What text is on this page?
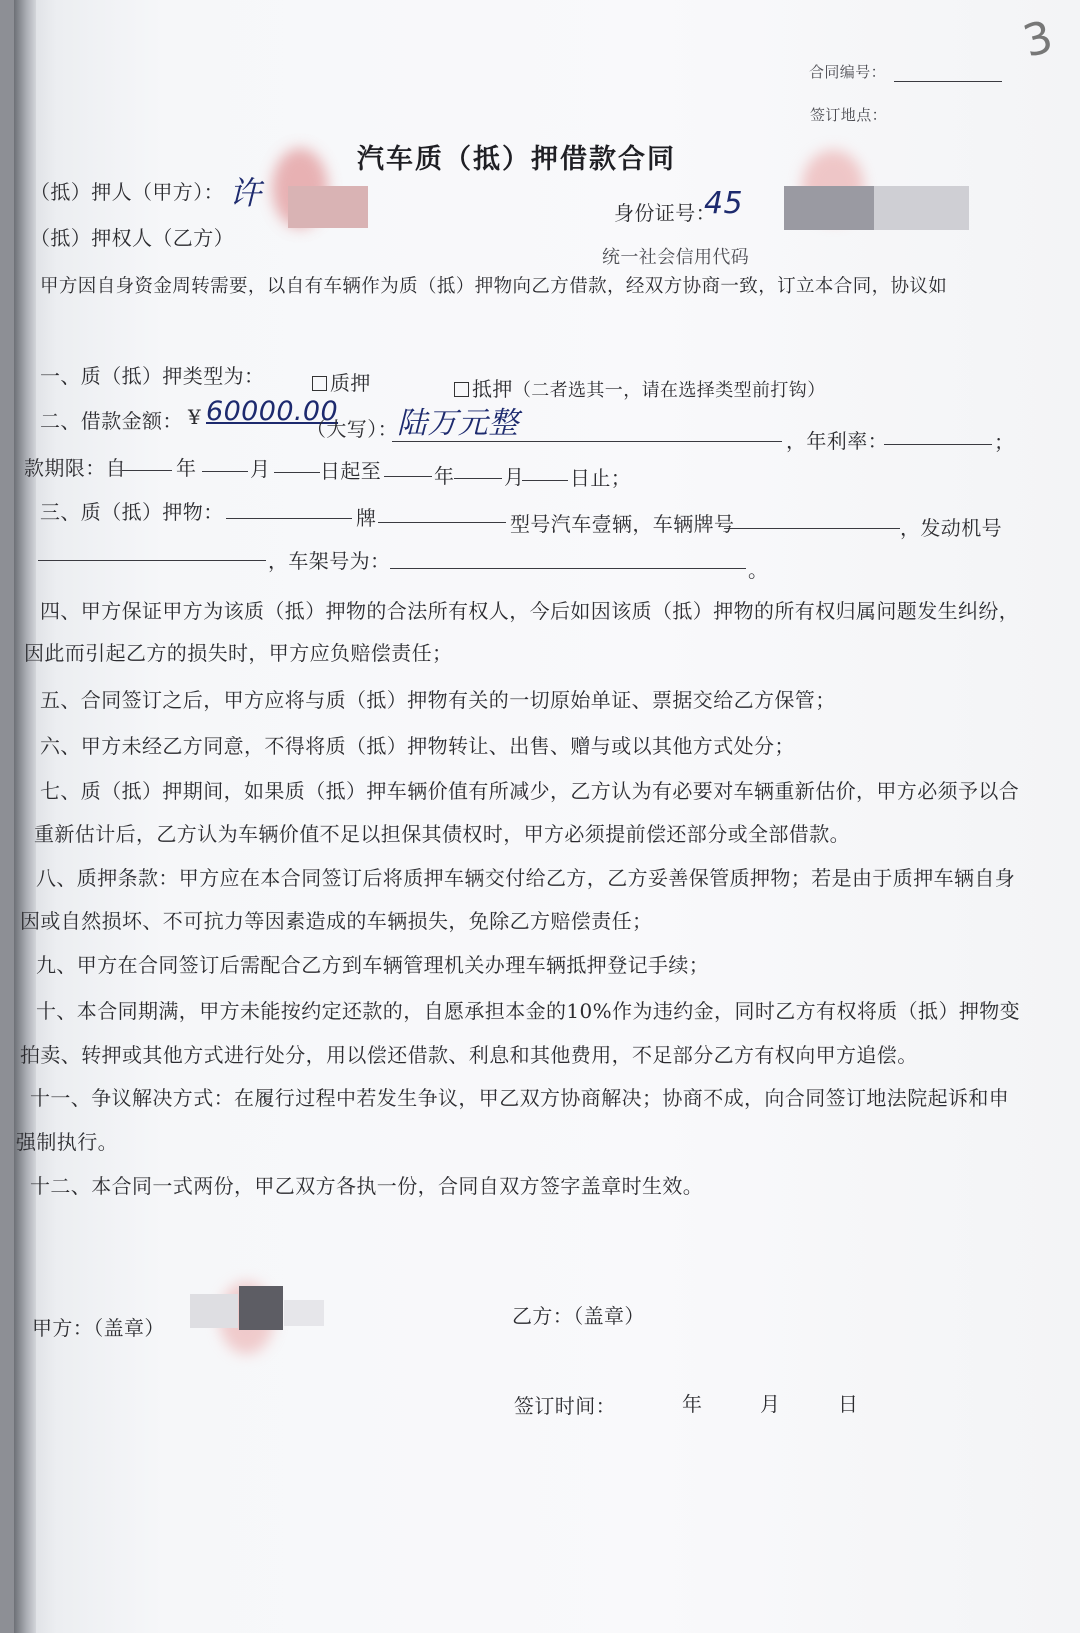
合同编号：
签订地点：
3
汽车质（抵）押借款合同
（抵）押人（甲方）： 许
身份证号：
45
（抵）押权人（乙方）
统一社会信用代码
甲方因自身资金周转需要，以自有车辆作为质（抵）押物向乙方借款，经双方协商一致，订立本合同，协议如
一、质（抵）押类型为：	质押	抵押（二者选其一，请在选择类型前打钩）
二、借款金额： ¥ 60000.00
（大写）： 陆万元整	，年利率：	；
款期限：自	年	月 日起至	年 月 日止；
三、质（抵）押物：	牌	型号汽车壹辆，车辆牌号	，发动机号
，车架号为：	。
四、甲方保证甲方为该质（抵）押物的合法所有权人，今后如因该质（抵）押物的所有权归属问题发生纠纷，
因此而引起乙方的损失时，甲方应负赔偿责任；
五、合同签订之后，甲方应将与质（抵）押物有关的一切原始单证、票据交给乙方保管；
六、甲方未经乙方同意，不得将质（抵）押物转让、出售、赠与或以其他方式处分；
七、质（抵）押期间，如果质（抵）押车辆价值有所减少，乙方认为有必要对车辆重新估价，甲方必须予以合
重新估计后，乙方认为车辆价值不足以担保其债权时，甲方必须提前偿还部分或全部借款。
八、质押条款：甲方应在本合同签订后将质押车辆交付给乙方，乙方妥善保管质押物；若是由于质押车辆自身
因或自然损坏、不可抗力等因素造成的车辆损失，免除乙方赔偿责任；
九、甲方在合同签订后需配合乙方到车辆管理机关办理车辆抵押登记手续；
十、本合同期满，甲方未能按约定还款的，自愿承担本金的10%作为违约金，同时乙方有权将质（抵）押物变
拍卖、转押或其他方式进行处分，用以偿还借款、利息和其他费用，不足部分乙方有权向甲方追偿。
十一、争议解决方式：在履行过程中若发生争议，甲乙双方协商解决；协商不成，向合同签订地法院起诉和申
强制执行。
十二、本合同一式两份，甲乙双方各执一份，合同自双方签字盖章时生效。
甲方：（盖章）	乙方：（盖章）
签订时间：	年	月	日
